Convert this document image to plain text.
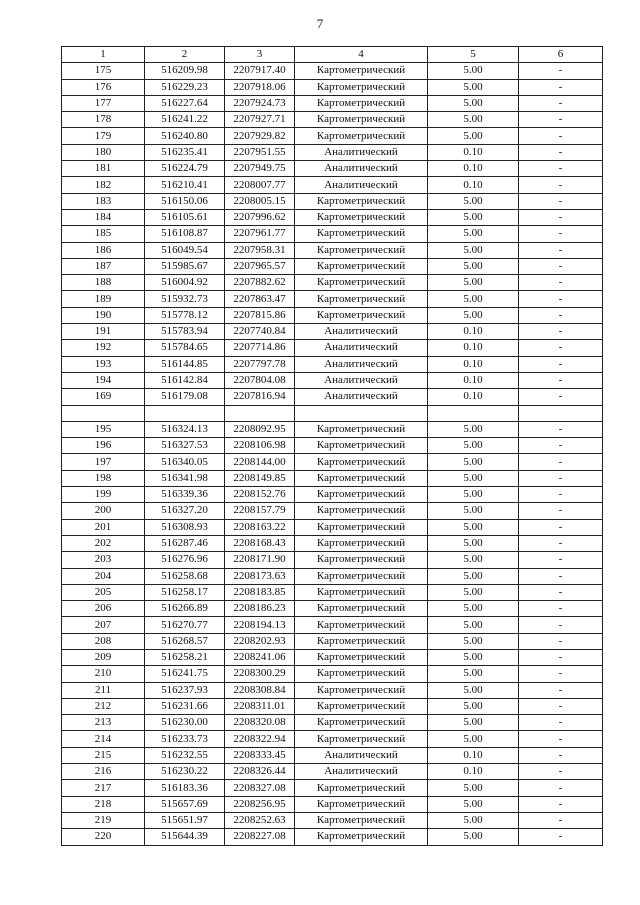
7
1	2	3	4	5	6
175	516209.98	2207917.40	Картометрический	5.00	-
176	516229.23	2207918.06	Картометрический	5.00	-
177	516227.64	2207924.73	Картометрический	5.00	-
178	516241.22	2207927.71	Картометрический	5.00	-
179	516240.80	2207929.82	Картометрический	5.00	-
180	516235.41	2207951.55	Аналитический	0.10	-
181	516224.79	2207949.75	Аналитический	0.10	-
182	516210.41	2208007.77	Аналитический	0.10	-
183	516150.06	2208005.15	Картометрический	5.00	-
184	516105.61	2207996.62	Картометрический	5.00	-
185	516108.87	2207961.77	Картометрический	5.00	-
186	516049.54	2207958.31	Картометрический	5.00	-
187	515985.67	2207965.57	Картометрический	5.00	-
188	516004.92	2207882.62	Картометрический	5.00	-
189	515932.73	2207863.47	Картометрический	5.00	-
190	515778.12	2207815.86	Картометрический	5.00	-
191	515783.94	2207740.84	Аналитический	0.10	-
192	515784.65	2207714.86	Аналитический	0.10	-
193	516144.85	2207797.78	Аналитический	0.10	-
194	516142.84	2207804.08	Аналитический	0.10	-
169	516179.08	2207816.94	Аналитический	0.10	-

195	516324.13	2208092.95	Картометрический	5.00	-
196	516327.53	2208106.98	Картометрический	5.00	-
197	516340.05	2208144.00	Картометрический	5.00	-
198	516341.98	2208149.85	Картометрический	5.00	-
199	516339.36	2208152.76	Картометрический	5.00	-
200	516327.20	2208157.79	Картометрический	5.00	-
201	516308.93	2208163.22	Картометрический	5.00	-
202	516287.46	2208168.43	Картометрический	5.00	-
203	516276.96	2208171.90	Картометрический	5.00	-
204	516258.68	2208173.63	Картометрический	5.00	-
205	516258.17	2208183.85	Картометрический	5.00	-
206	516266.89	2208186.23	Картометрический	5.00	-
207	516270.77	2208194.13	Картометрический	5.00	-
208	516268.57	2208202.93	Картометрический	5.00	-
209	516258.21	2208241.06	Картометрический	5.00	-
210	516241.75	2208300.29	Картометрический	5.00	-
211	516237.93	2208308.84	Картометрический	5.00	-
212	516231.66	2208311.01	Картометрический	5.00	-
213	516230.00	2208320.08	Картометрический	5.00	-
214	516233.73	2208322.94	Картометрический	5.00	-
215	516232.55	2208333.45	Аналитический	0.10	-
216	516230.22	2208326.44	Аналитический	0.10	-
217	516183.36	2208327.08	Картометрический	5.00	-
218	515657.69	2208256.95	Картометрический	5.00	-
219	515651.97	2208252.63	Картометрический	5.00	-
220	515644.39	2208227.08	Картометрический	5.00	-
